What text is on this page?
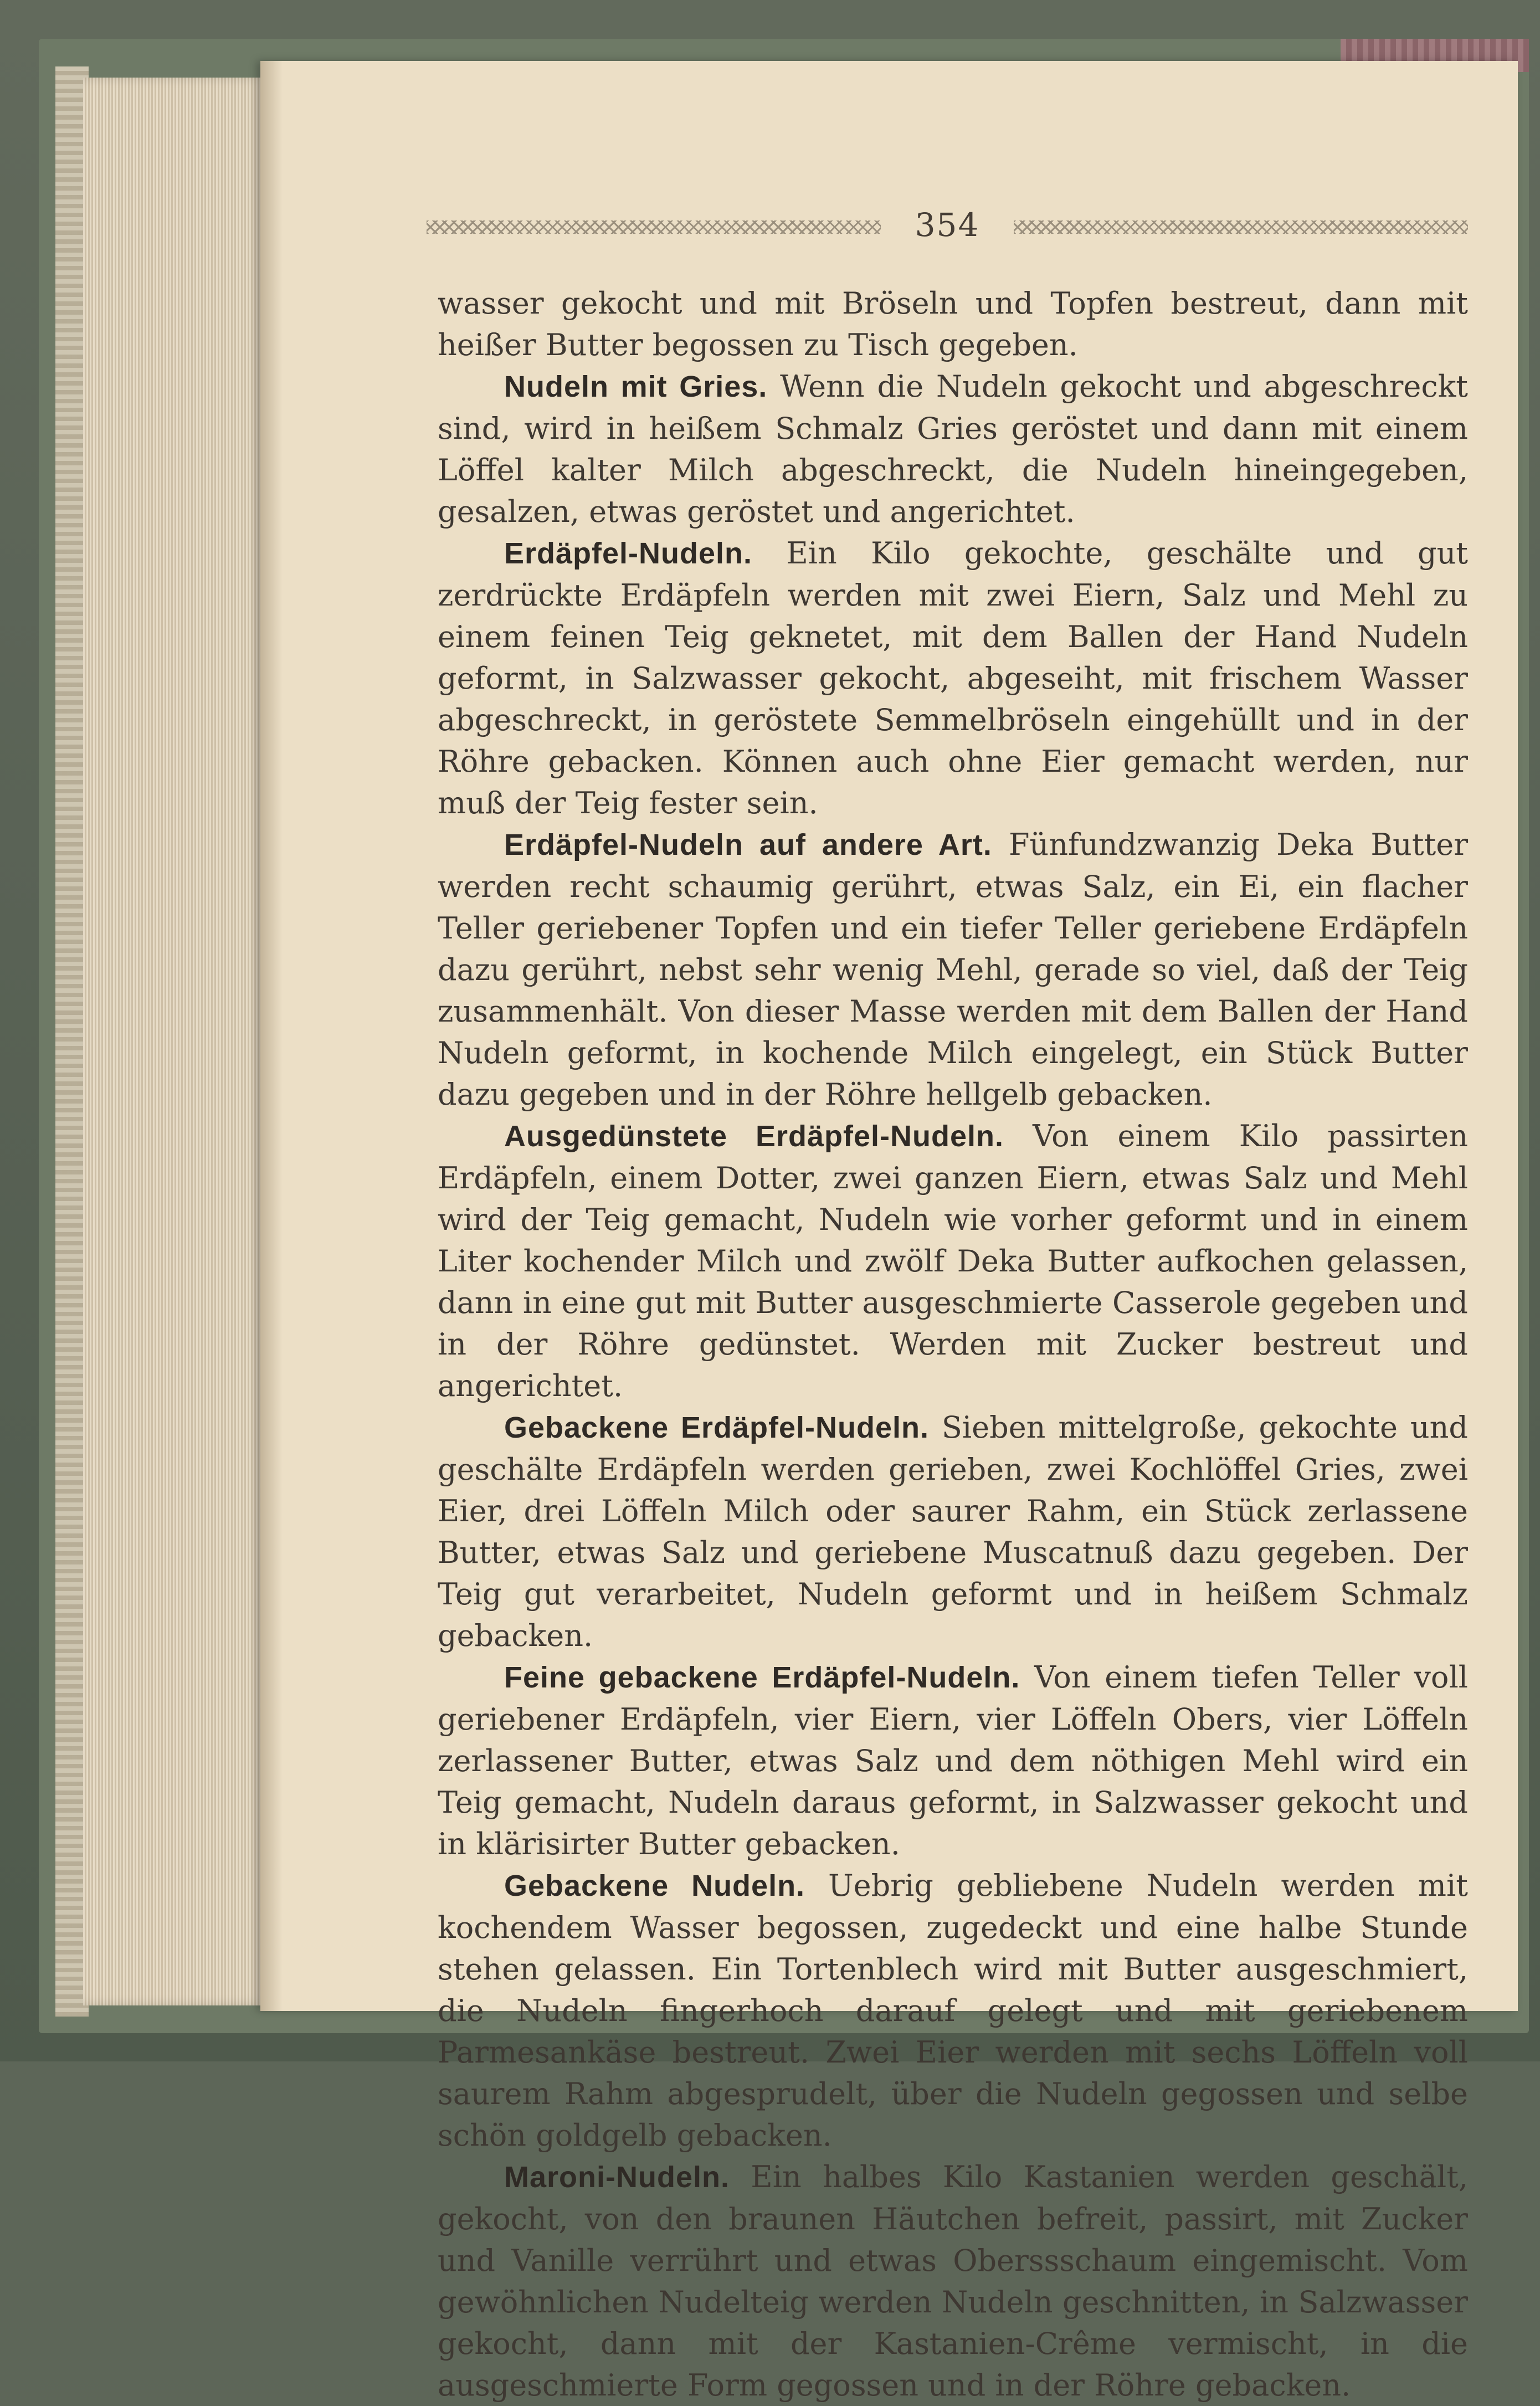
354

wasser gekocht und mit Bröseln und Topfen bestreut, dann mit heißer Butter begossen zu Tisch gegeben.

Nudeln mit Gries. Wenn die Nudeln gekocht und abgeschreckt sind, wird in heißem Schmalz Gries geröstet und dann mit einem Löffel kalter Milch abgeschreckt, die Nudeln hineingegeben, gesalzen, etwas geröstet und angerichtet.

Erdäpfel-Nudeln. Ein Kilo gekochte, geschälte und gut zerdrückte Erdäpfeln werden mit zwei Eiern, Salz und Mehl zu einem feinen Teig geknetet, mit dem Ballen der Hand Nudeln geformt, in Salzwasser gekocht, abgeseiht, mit frischem Wasser abgeschreckt, in geröstete Semmelbröseln eingehüllt und in der Röhre gebacken. Können auch ohne Eier gemacht werden, nur muß der Teig fester sein.

Erdäpfel-Nudeln auf andere Art. Fünfundzwanzig Deka Butter werden recht schaumig gerührt, etwas Salz, ein Ei, ein flacher Teller geriebener Topfen und ein tiefer Teller geriebene Erdäpfeln dazu gerührt, nebst sehr wenig Mehl, gerade so viel, daß der Teig zusammenhält. Von dieser Masse werden mit dem Ballen der Hand Nudeln geformt, in kochende Milch eingelegt, ein Stück Butter dazu gegeben und in der Röhre hellgelb gebacken.

Ausgedünstete Erdäpfel-Nudeln. Von einem Kilo passirten Erdäpfeln, einem Dotter, zwei ganzen Eiern, etwas Salz und Mehl wird der Teig gemacht, Nudeln wie vorher geformt und in einem Liter kochender Milch und zwölf Deka Butter aufkochen gelassen, dann in eine gut mit Butter ausgeschmierte Casserole gegeben und in der Röhre gedünstet. Werden mit Zucker bestreut und angerichtet.

Gebackene Erdäpfel-Nudeln. Sieben mittelgroße, gekochte und geschälte Erdäpfeln werden gerieben, zwei Kochlöffel Gries, zwei Eier, drei Löffeln Milch oder saurer Rahm, ein Stück zerlassene Butter, etwas Salz und geriebene Muscatnuß dazu gegeben. Der Teig gut verarbeitet, Nudeln geformt und in heißem Schmalz gebacken.

Feine gebackene Erdäpfel-Nudeln. Von einem tiefen Teller voll geriebener Erdäpfeln, vier Eiern, vier Löffeln Obers, vier Löffeln zerlassener Butter, etwas Salz und dem nöthigen Mehl wird ein Teig gemacht, Nudeln daraus geformt, in Salzwasser gekocht und in klärisirter Butter gebacken.

Gebackene Nudeln. Uebrig gebliebene Nudeln werden mit kochendem Wasser begossen, zugedeckt und eine halbe Stunde stehen gelassen. Ein Tortenblech wird mit Butter ausgeschmiert, die Nudeln fingerhoch darauf gelegt und mit geriebenem Parmesankäse bestreut. Zwei Eier werden mit sechs Löffeln voll saurem Rahm abgesprudelt, über die Nudeln gegossen und selbe schön goldgelb gebacken.

Maroni-Nudeln. Ein halbes Kilo Kastanien werden geschält, gekocht, von den braunen Häutchen befreit, passirt, mit Zucker und Vanille verrührt und etwas Oberssschaum eingemischt. Vom gewöhnlichen Nudelteig werden Nudeln geschnitten, in Salzwasser gekocht, dann mit der Kastanien-Crême vermischt, in die ausgeschmierte Form gegossen und in der Röhre gebacken.
